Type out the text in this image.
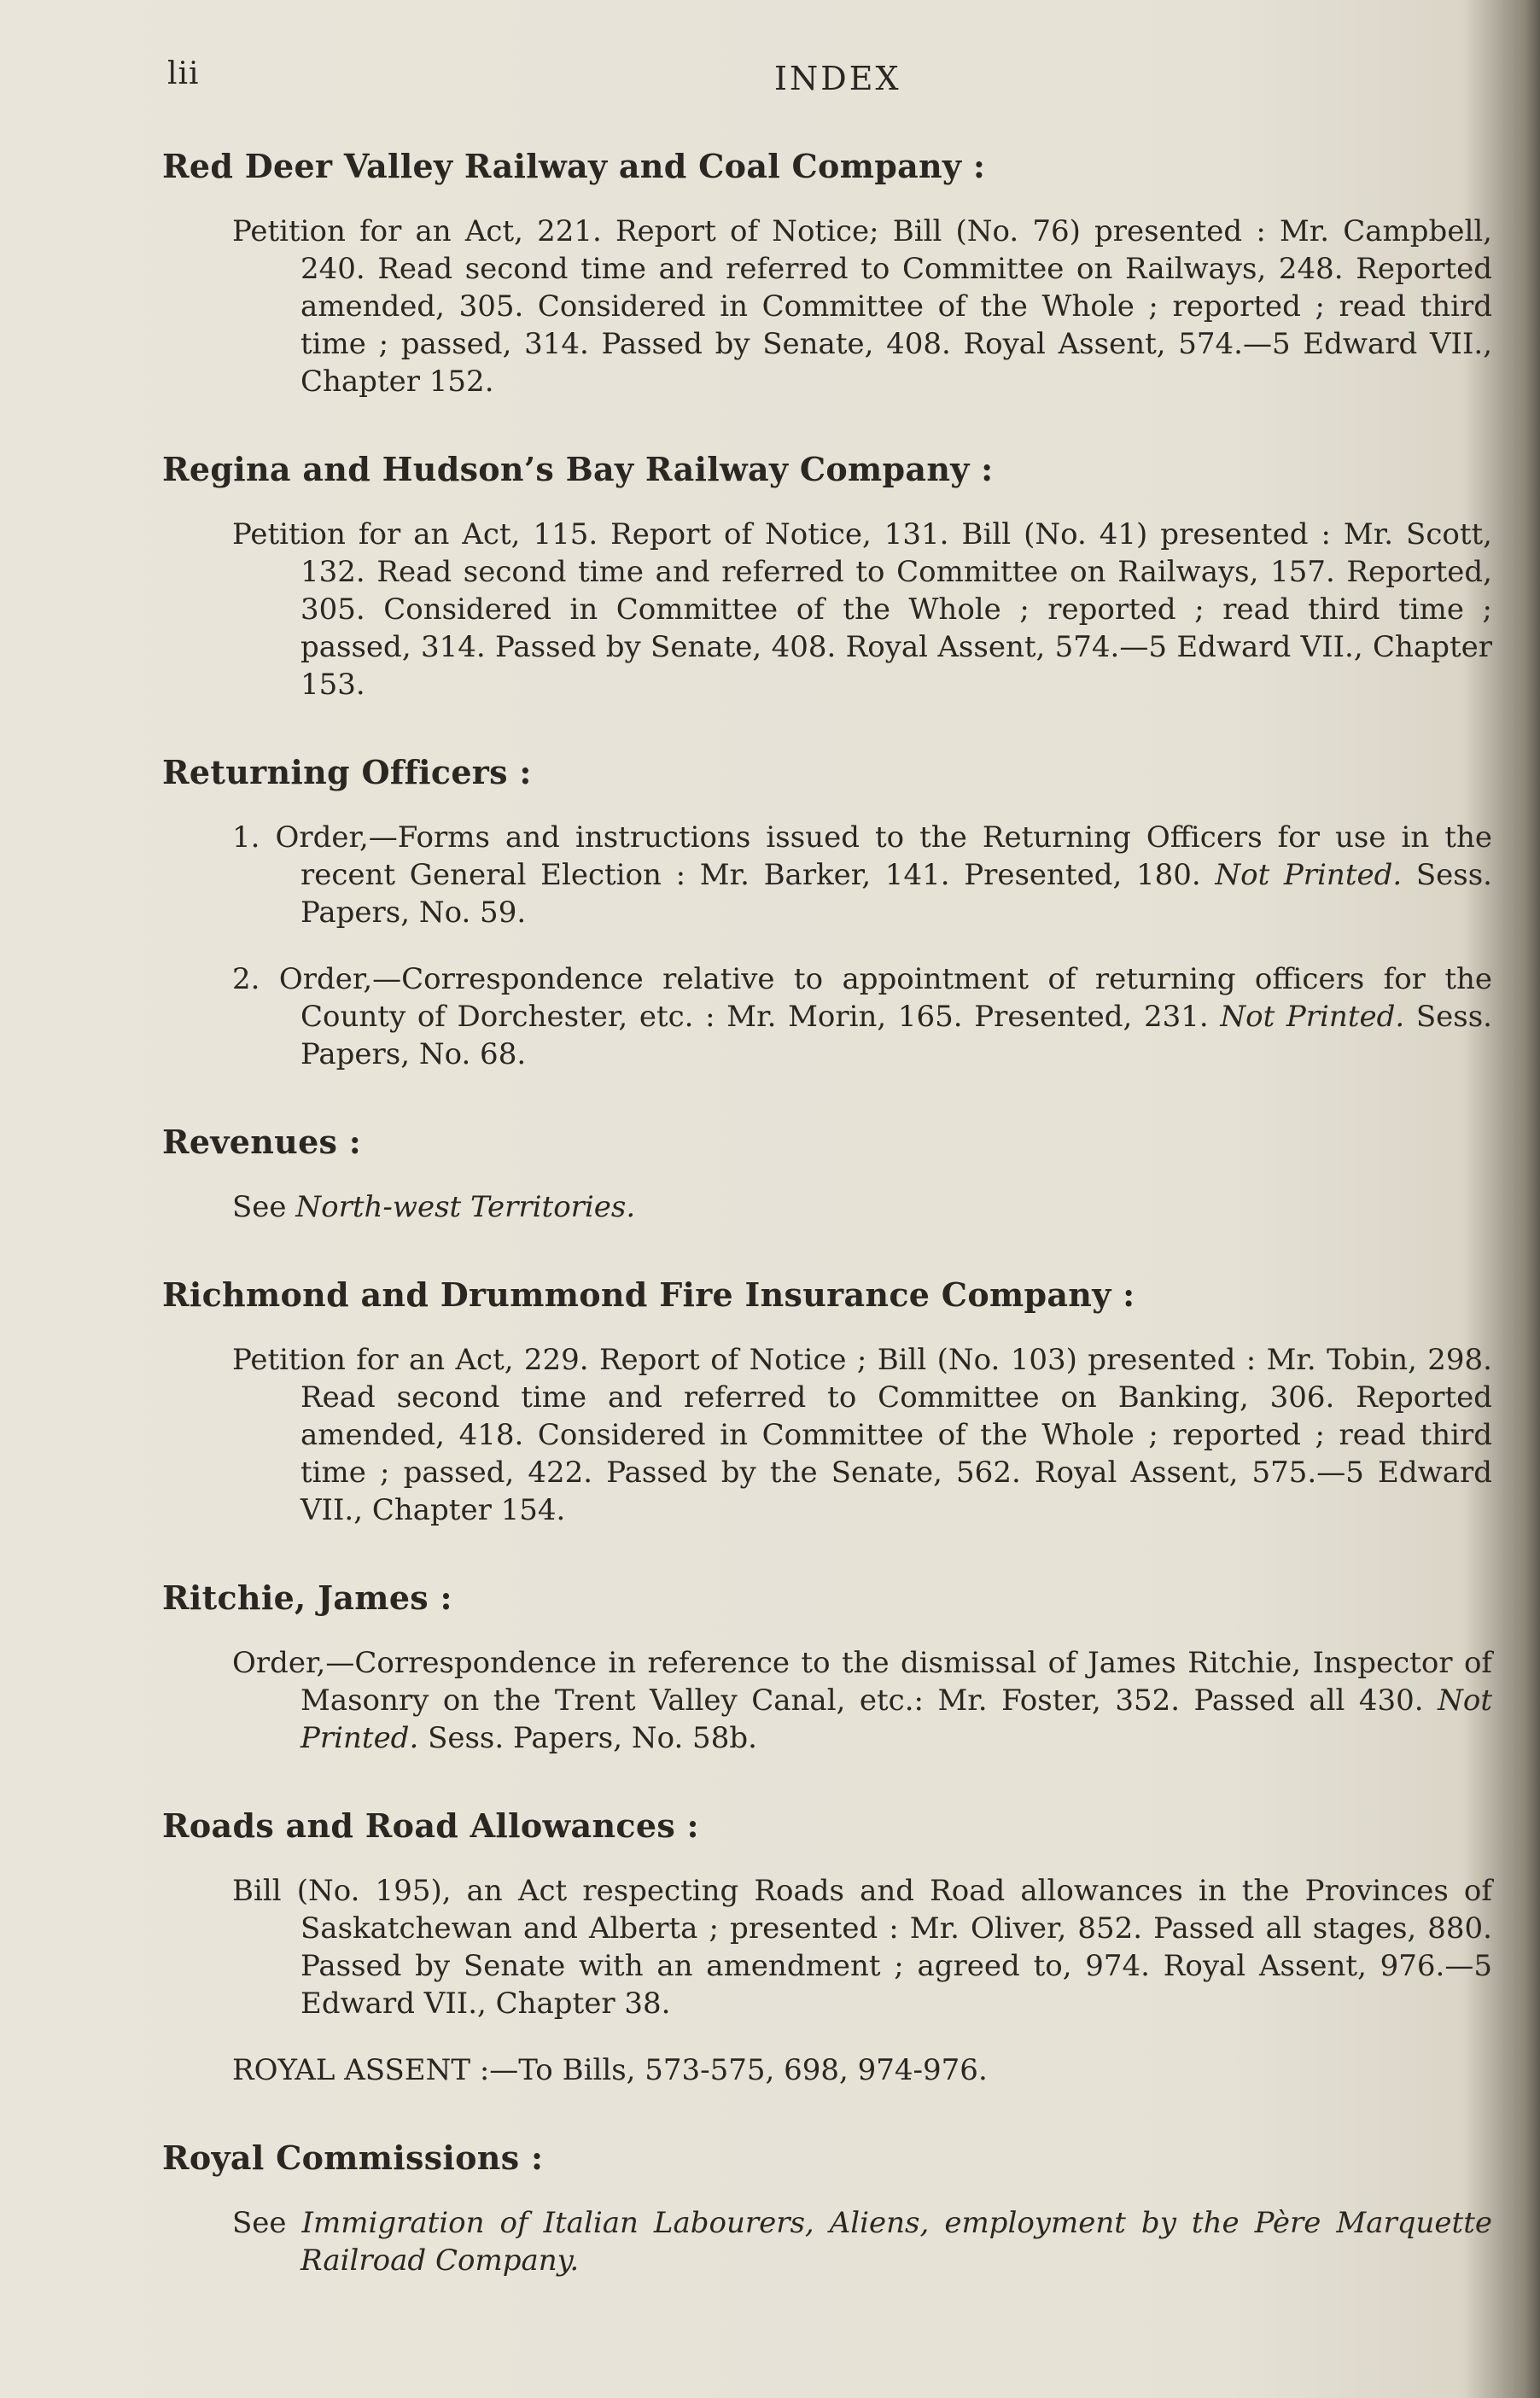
lii	INDEX
Red Deer Valley Railway and Coal Company :

Petition for an Act, 221. Report of Notice; Bill (No. 76) presented : Mr. Campbell, 240. Read second time and referred to Committee on Railways, 248. Reported amended, 305. Considered in Committee of the Whole ; reported ; read third time ; passed, 314. Passed by Senate, 408. Royal Assent, 574.—5 Edward VII., Chapter 152.

Regina and Hudson’s Bay Railway Company :

Petition for an Act, 115. Report of Notice, 131. Bill (No. 41) presented : Mr. Scott, 132. Read second time and referred to Committee on Railways, 157. Reported, 305. Considered in Committee of the Whole ; reported ; read third time ; passed, 314. Passed by Senate, 408. Royal Assent, 574.—5 Edward VII., Chapter 153.

Returning Officers :

1. Order,—Forms and instructions issued to the Returning Officers for use in the recent General Election : Mr. Barker, 141. Presented, 180. Not Printed. Sess. Papers, No. 59.

2. Order,—Correspondence relative to appointment of returning officers for the County of Dorchester, etc. : Mr. Morin, 165. Presented, 231. Not Printed. Sess. Papers, No. 68.

Revenues :

See North-west Territories.

Richmond and Drummond Fire Insurance Company :

Petition for an Act, 229. Report of Notice ; Bill (No. 103) presented : Mr. Tobin, 298. Read second time and referred to Committee on Banking, 306. Reported amended, 418. Considered in Committee of the Whole ; reported ; read third time ; passed, 422. Passed by the Senate, 562. Royal Assent, 575.—5 Edward VII., Chapter 154.

Ritchie, James :

Order,—Correspondence in reference to the dismissal of James Ritchie, Inspector of Masonry on the Trent Valley Canal, etc.: Mr. Foster, 352. Passed all 430. Not Printed. Sess. Papers, No. 58b.

Roads and Road Allowances :

Bill (No. 195), an Act respecting Roads and Road allowances in the Provinces of Saskatchewan and Alberta ; presented : Mr. Oliver, 852. Passed all stages, 880. Passed by Senate with an amendment ; agreed to, 974. Royal Assent, 976.—5 Edward VII., Chapter 38.

ROYAL ASSENT :—To Bills, 573-575, 698, 974-976.

Royal Commissions :

See Immigration of Italian Labourers, Aliens, employment by the Père Marquette Railroad Company.
